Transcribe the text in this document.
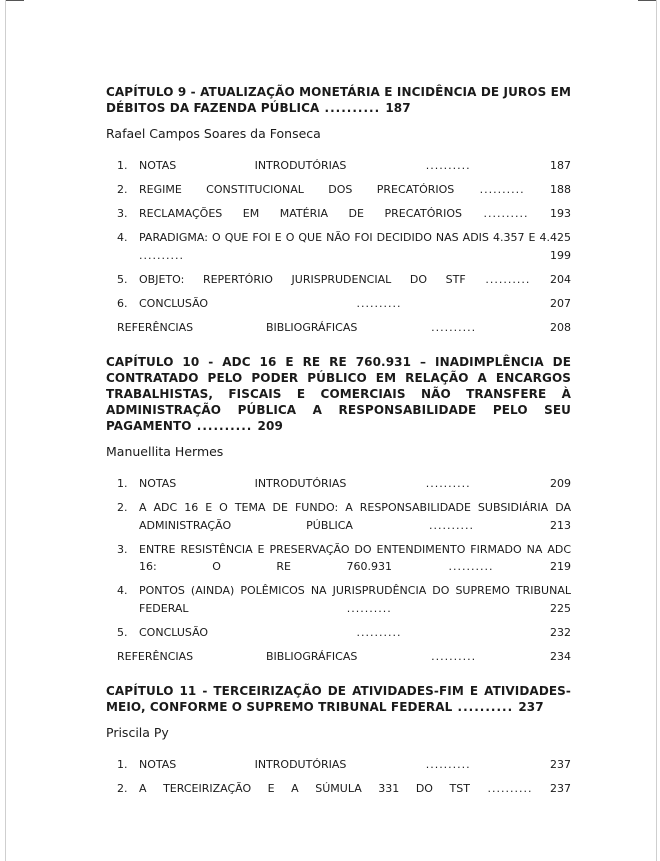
CAPÍTULO 9 - ATUALIZAÇÃO MONETÁRIA E INCIDÊNCIA DE JUROS EM DÉBITOS DA FAZENDA PÚBLICA .......... 187
Rafael Campos Soares da Fonseca
1.	NOTAS INTRODUTÓRIAS .......... 187
2.	REGIME CONSTITUCIONAL DOS PRECATÓRIOS .......... 188
3.	RECLAMAÇÕES EM MATÉRIA DE PRECATÓRIOS .......... 193
4.	PARADIGMA: O QUE FOI E O QUE NÃO FOI DECIDIDO NAS ADIS 4.357 E 4.425 .......... 199
5.	OBJETO: REPERTÓRIO JURISPRUDENCIAL DO STF .......... 204
6.	CONCLUSÃO .......... 207
REFERÊNCIAS BIBLIOGRÁFICAS .......... 208
CAPÍTULO 10 - ADC 16 E RE RE 760.931 – INADIMPLÊNCIA DE CONTRATADO PELO PODER PÚBLICO EM RELAÇÃO A ENCARGOS TRABALHISTAS, FISCAIS E COMERCIAIS NÃO TRANSFERE À ADMINISTRAÇÃO PÚBLICA A RESPONSABILIDADE PELO SEU PAGAMENTO .......... 209
Manuellita Hermes
1.	NOTAS INTRODUTÓRIAS .......... 209
2.	A ADC 16 E O TEMA DE FUNDO: A RESPONSABILIDADE SUBSIDIÁRIA DA ADMINISTRAÇÃO PÚBLICA .......... 213
3.	ENTRE RESISTÊNCIA E PRESERVAÇÃO DO ENTENDIMENTO FIRMADO NA ADC 16: O RE 760.931 .......... 219
4.	PONTOS (AINDA) POLÊMICOS NA JURISPRUDÊNCIA DO SUPREMO TRIBUNAL FEDERAL .......... 225
5.	CONCLUSÃO .......... 232
REFERÊNCIAS BIBLIOGRÁFICAS .......... 234
CAPÍTULO 11 - TERCEIRIZAÇÃO DE ATIVIDADES-FIM E ATIVIDADES-MEIO, CONFORME O SUPREMO TRIBUNAL FEDERAL .......... 237
Priscila Py
1.	NOTAS INTRODUTÓRIAS .......... 237
2.	A TERCEIRIZAÇÃO E A SÚMULA 331 DO TST .......... 237
